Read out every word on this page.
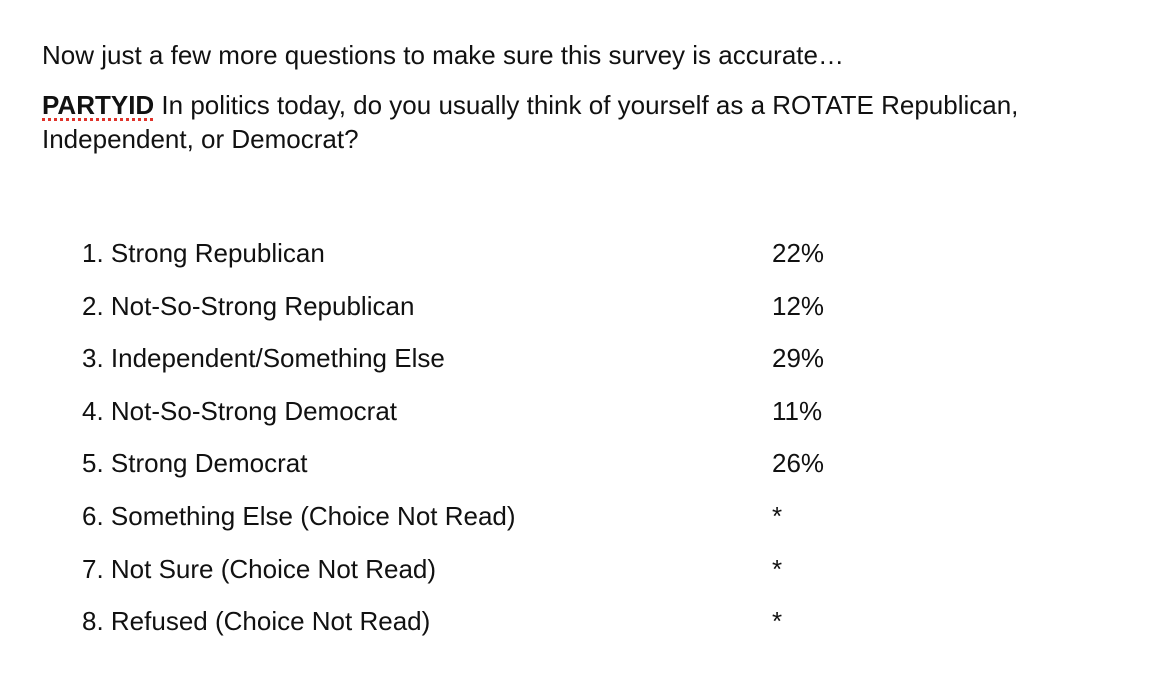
Now just a few more questions to make sure this survey is accurate…
PARTYID In politics today, do you usually think of yourself as a ROTATE Republican, Independent, or Democrat?
1. Strong Republican	22%
2. Not-So-Strong Republican	12%
3. Independent/Something Else	29%
4. Not-So-Strong Democrat	11%
5. Strong Democrat	26%
6. Something Else (Choice Not Read)	*
7. Not Sure (Choice Not Read)	*
8. Refused (Choice Not Read)	*
